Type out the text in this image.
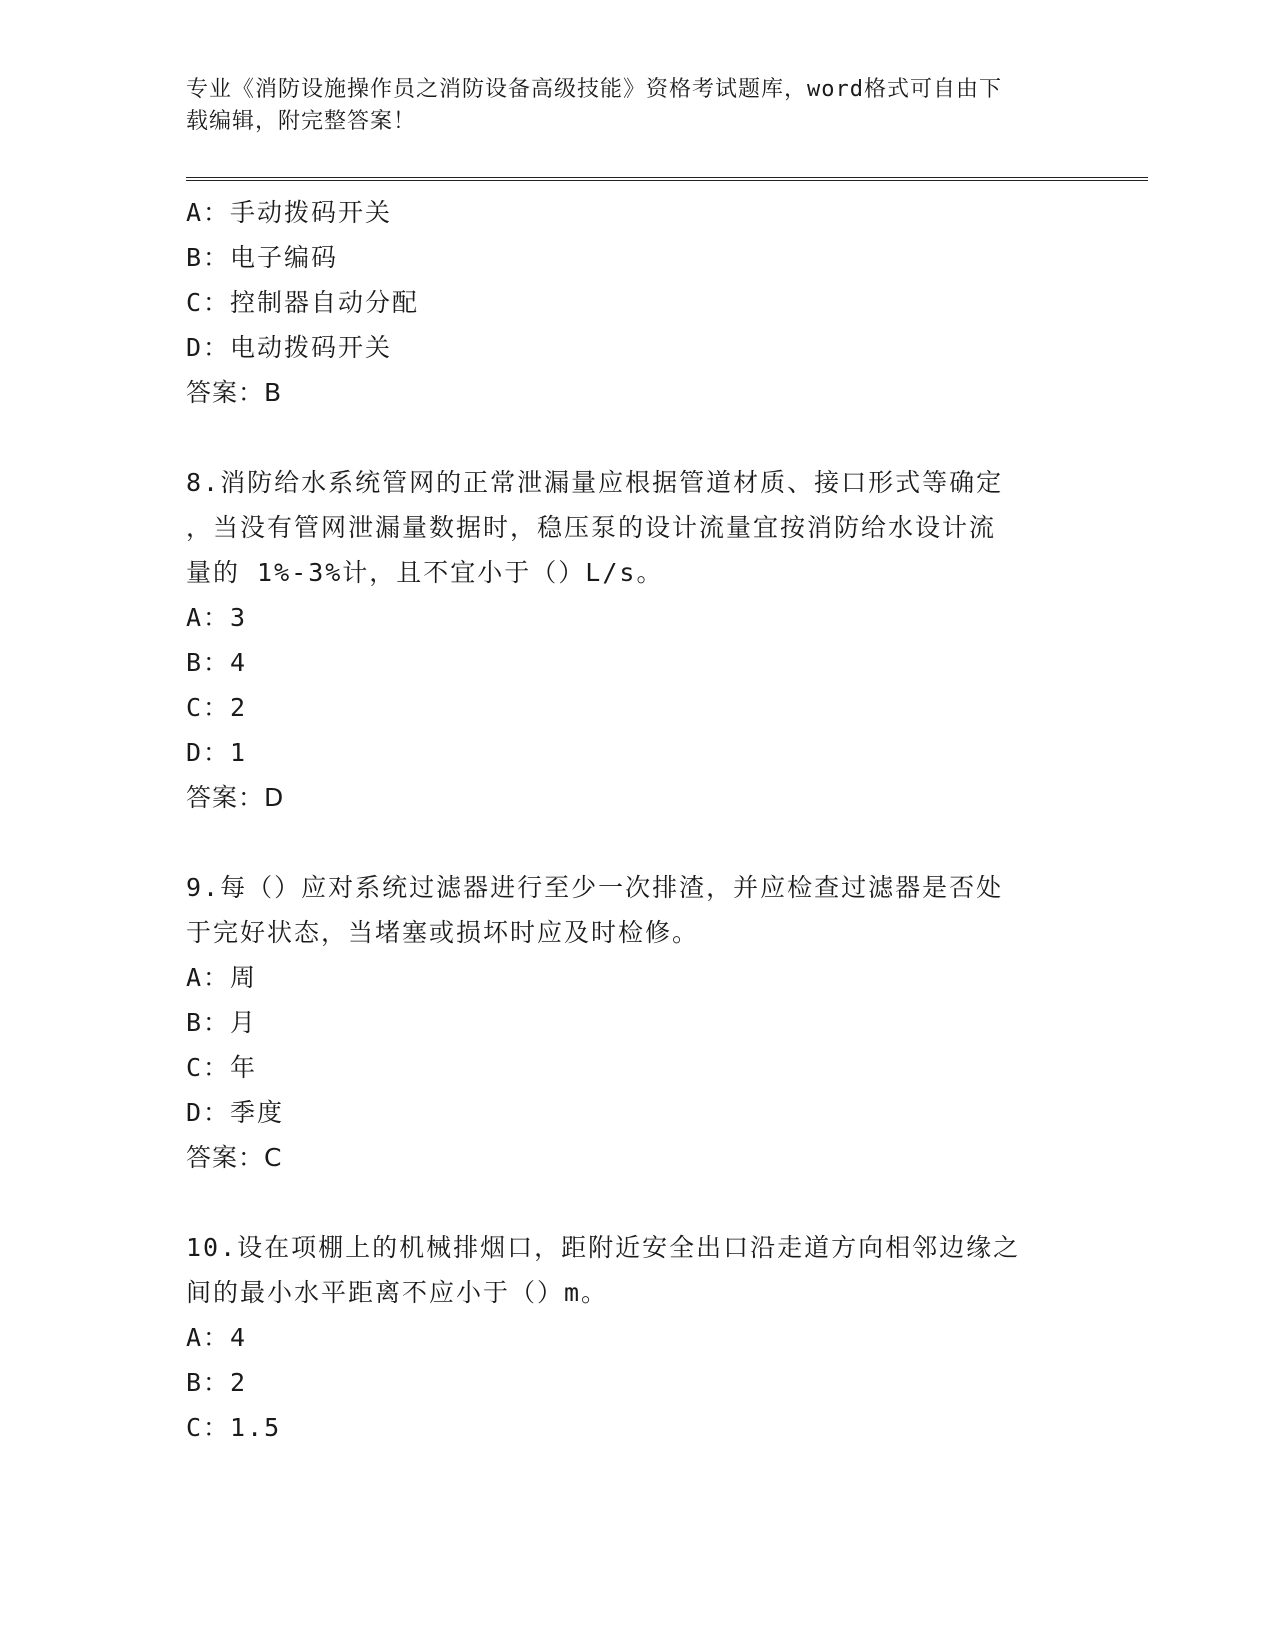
专业《消防设施操作员之消防设备高级技能》资格考试题库，word格式可自由下
载编辑，附完整答案！
A：手动拨码开关
B：电子编码
C：控制器自动分配
D：电动拨码开关
答案：B
8.消防给水系统管网的正常泄漏量应根据管道材质、接口形式等确定
，当没有管网泄漏量数据时，稳压泵的设计流量宜按消防给水设计流
量的 1%-3%计，且不宜小于（）L/s。
A：3
B：4
C：2
D：1
答案：D
9.每（）应对系统过滤器进行至少一次排渣，并应检查过滤器是否处
于完好状态，当堵塞或损坏时应及时检修。
A：周
B：月
C：年
D：季度
答案：C
10.设在项棚上的机械排烟口，距附近安全出口沿走道方向相邻边缘之
间的最小水平距离不应小于（）m。
A：4
B：2
C：1.5
